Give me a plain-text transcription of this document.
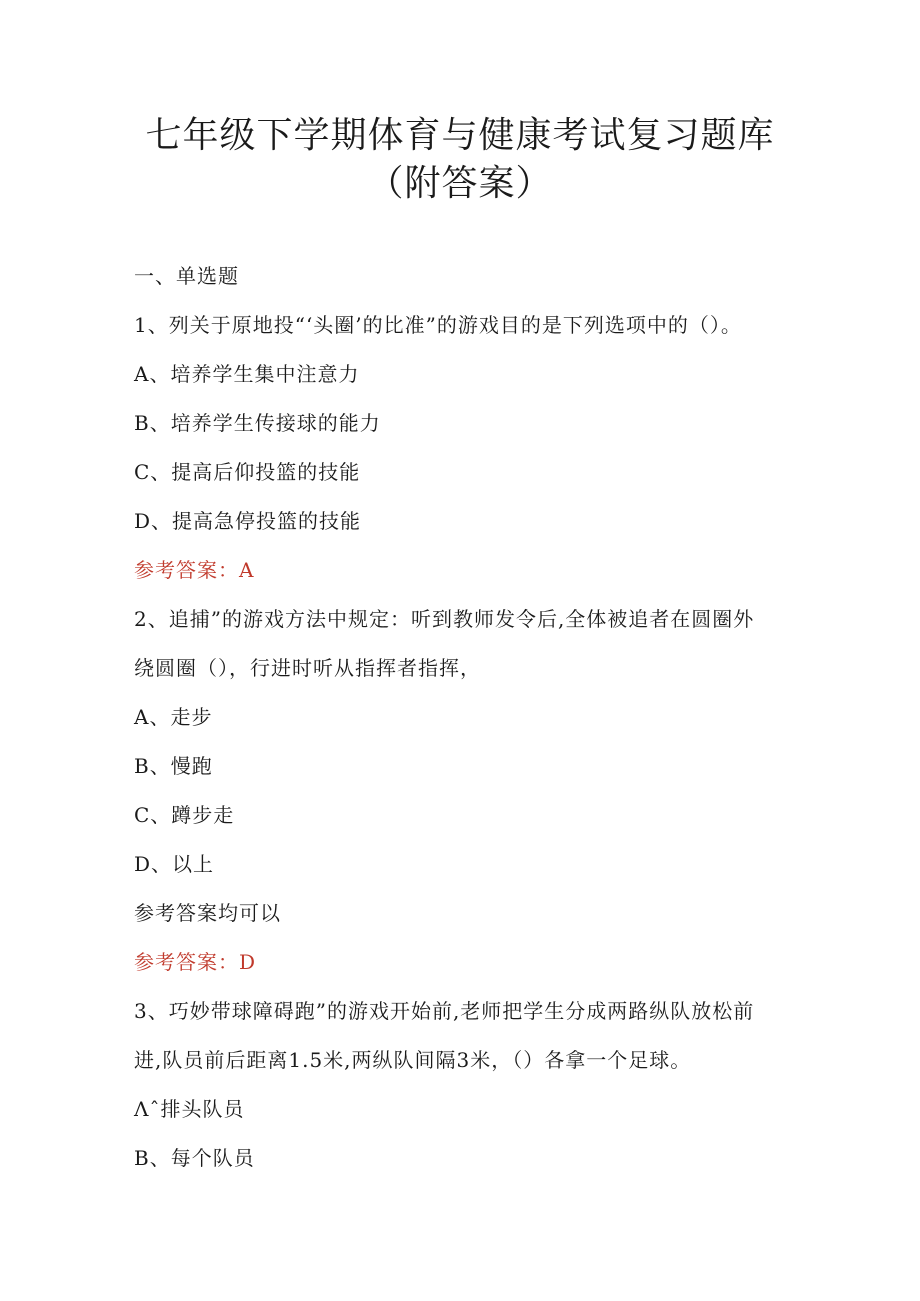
七年级下学期体育与健康考试复习题库
（附答案）
一、单选题
1、列关于原地投“‘头圈’的比准”的游戏目的是下列选项中的（）。
A、培养学生集中注意力
B、培养学生传接球的能力
C、提高后仰投篮的技能
D、提高急停投篮的技能
参考答案：A
2、追捕”的游戏方法中规定：听到教师发令后,全体被追者在圆圈外
绕圆圈（），行进时听从指挥者指挥，
A、走步
B、慢跑
C、蹲步走
D、以上
参考答案均可以
参考答案：D
3、巧妙带球障碍跑”的游戏开始前,老师把学生分成两路纵队放松前
进,队员前后距离1.5米,两纵队间隔3米，（）各拿一个足球。
Λˆ排头队员
B、每个队员
